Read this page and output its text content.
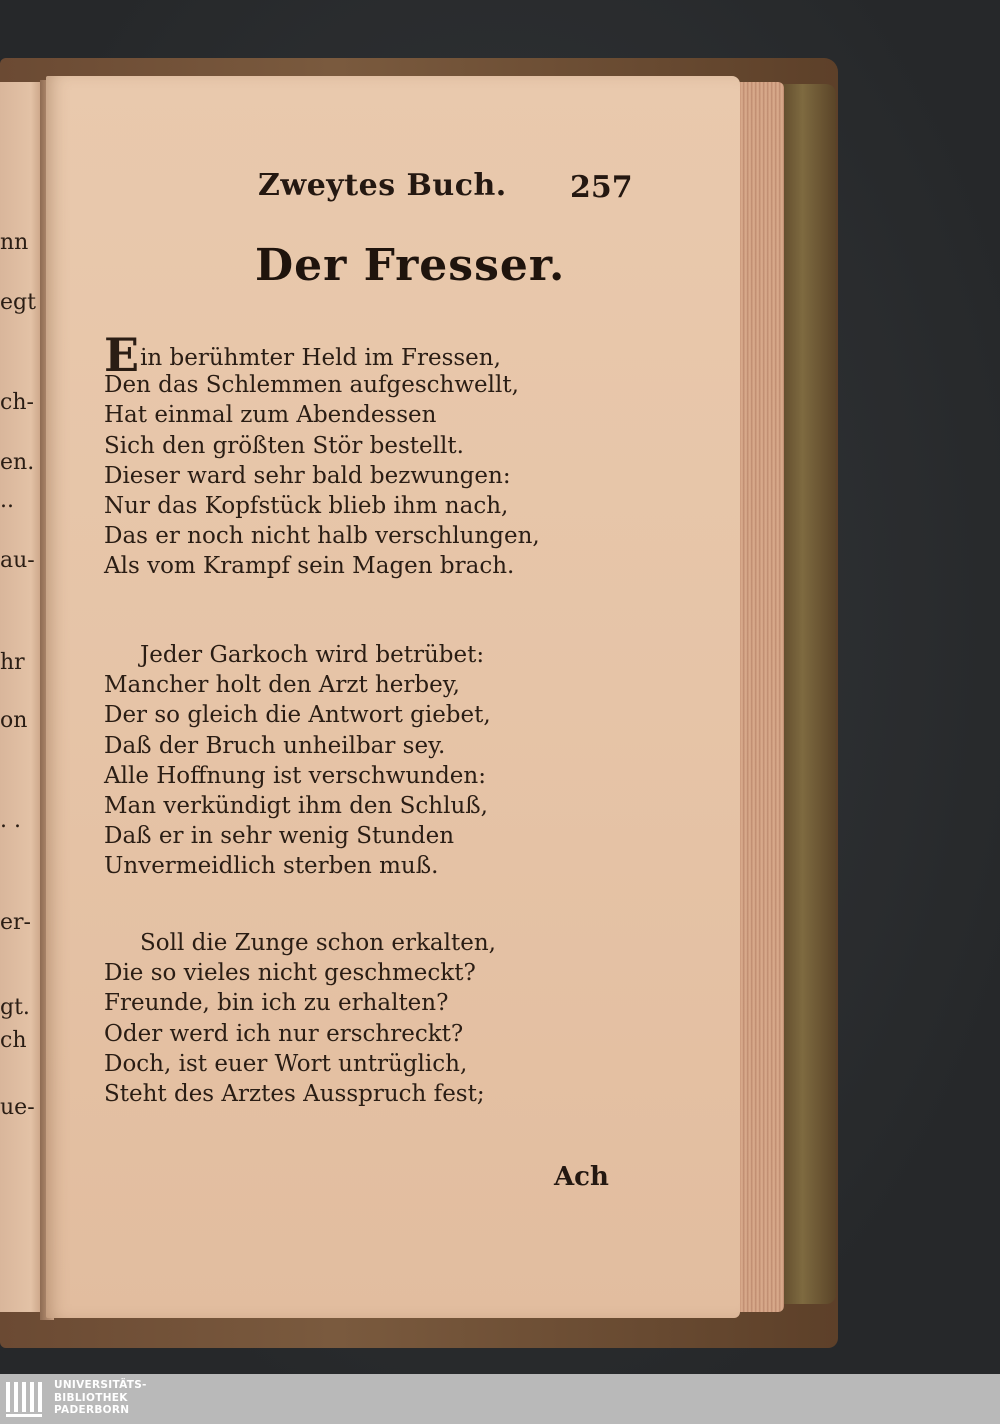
nn
egt
ch-
en.
..
au-
hr
on
. .
er-
gt.
ch
ue-
Zweytes Buch. 257
Der Fresser.
Ein berühmter Held im Fressen,
Den das Schlemmen aufgeschwellt,
Hat einmal zum Abendessen
Sich den größten Stör bestellt.
Dieser ward sehr bald bezwungen:
Nur das Kopfstück blieb ihm nach,
Das er noch nicht halb verschlungen,
Als vom Krampf sein Magen brach.
Jeder Garkoch wird betrübet:
Mancher holt den Arzt herbey,
Der so gleich die Antwort giebet,
Daß der Bruch unheilbar sey.
Alle Hoffnung ist verschwunden:
Man verkündigt ihm den Schluß,
Daß er in sehr wenig Stunden
Unvermeidlich sterben muß.
Soll die Zunge schon erkalten,
Die so vieles nicht geschmeckt?
Freunde, bin ich zu erhalten?
Oder werd ich nur erschreckt?
Doch, ist euer Wort untrüglich,
Steht des Arztes Ausspruch fest;
Ach
UNIVERSITÄTS-
BIBLIOTHEK
PADERBORN
